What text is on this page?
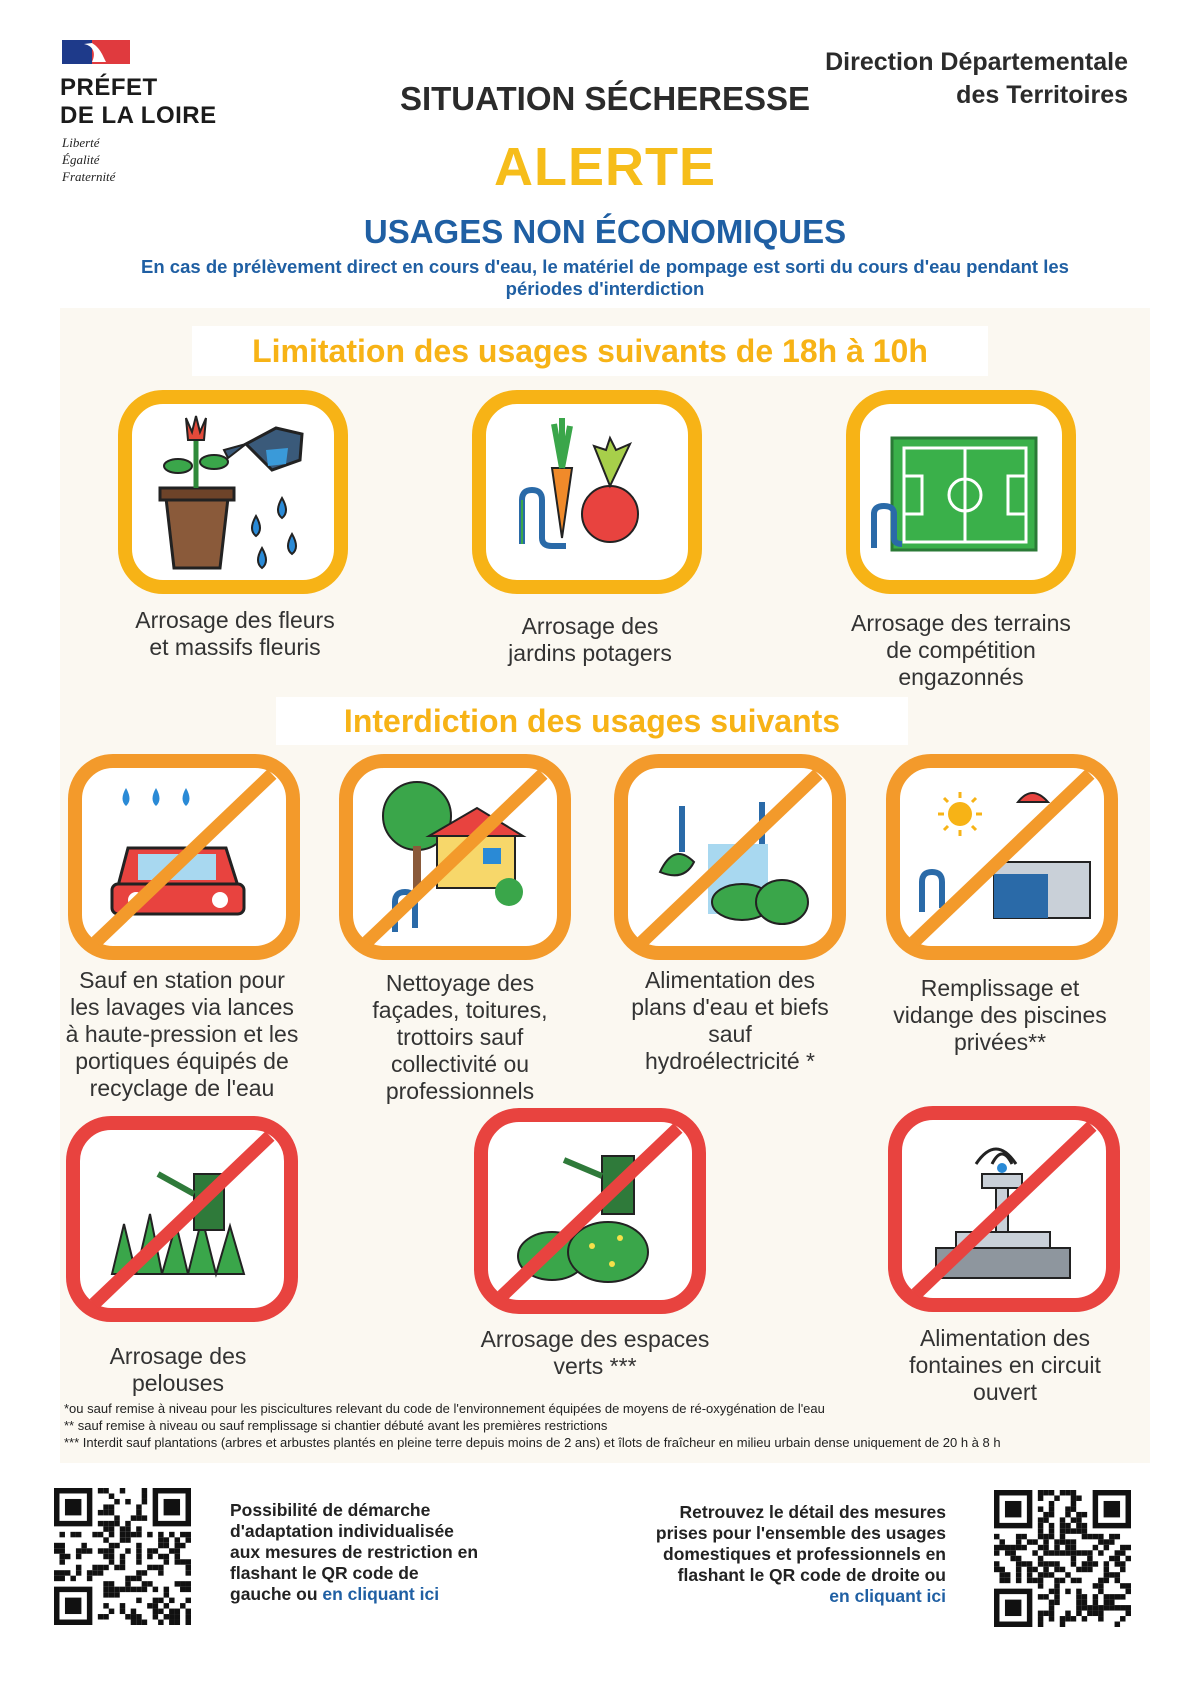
PRÉFET
DE LA LOIRE
Liberté
Égalité
Fraternité
Direction Départementale
des Territoires
SITUATION SÉCHERESSE
ALERTE
USAGES NON ÉCONOMIQUES
En cas de prélèvement direct en cours d'eau, le matériel de pompage est sorti du cours d'eau pendant les
périodes d'interdiction
Limitation des usages suivants de 18h à 10h
Interdiction des usages suivants
Arrosage des fleurs
et massifs fleuris
Arrosage des
jardins potagers
Arrosage des terrains
de compétition
engazonnés
Sauf en station pour
les lavages via lances
à haute-pression et les
portiques équipés de
recyclage de l'eau
Nettoyage des
façades, toitures,
trottoirs sauf
collectivité ou
professionnels
Alimentation des
plans d'eau et biefs
sauf
hydroélectricité *
Remplissage et
vidange des piscines
privées**
Arrosage des
pelouses
Arrosage des espaces
verts ***
Alimentation des
fontaines en circuit
ouvert
*ou sauf remise à niveau pour les piscicultures relevant du code de l'environnement équipées de moyens de ré-oxygénation de l'eau
** sauf remise à niveau ou sauf remplissage si chantier débuté avant les premières restrictions
*** Interdit sauf plantations (arbres et arbustes plantés en pleine terre depuis moins de 2 ans) et îlots de fraîcheur en milieu urbain dense uniquement de 20 h à 8 h
Possibilité de démarche
d'adaptation individualisée
aux mesures de restriction en
flashant le QR code de
gauche ou en cliquant ici
Retrouvez le détail des mesures
prises pour l'ensemble des usages
domestiques et professionnels en
flashant le QR code de droite ou
en cliquant ici
